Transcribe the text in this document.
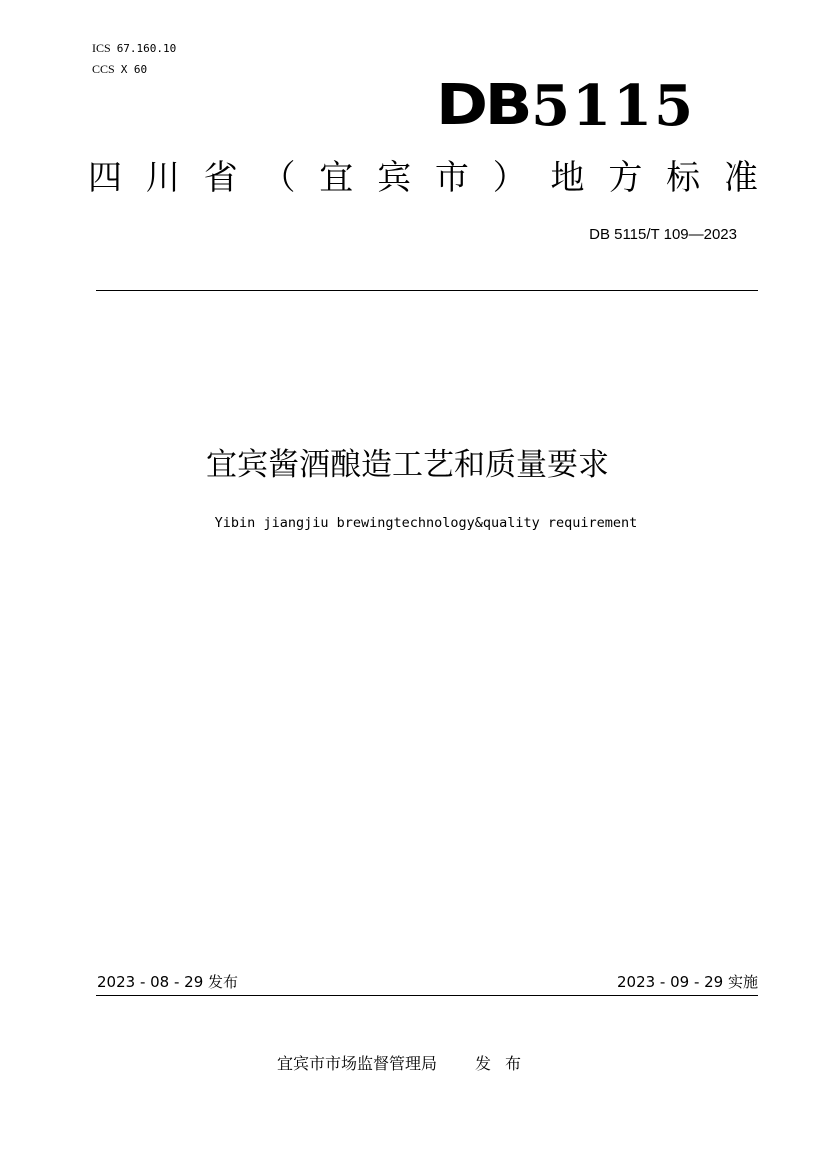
ICS 67.160.10
CCS X 60
DB 5115
四 川 省 （ 宜 宾 市 ） 地 方 标 准
DB 5115/T 109—2023
宜宾酱酒酿造工艺和质量要求
Yibin jiangjiu brewingtechnology&quality requirement
2023 - 08 - 29 发布	2023 - 09 - 29 实施
宜宾市市场监督管理局 发布
